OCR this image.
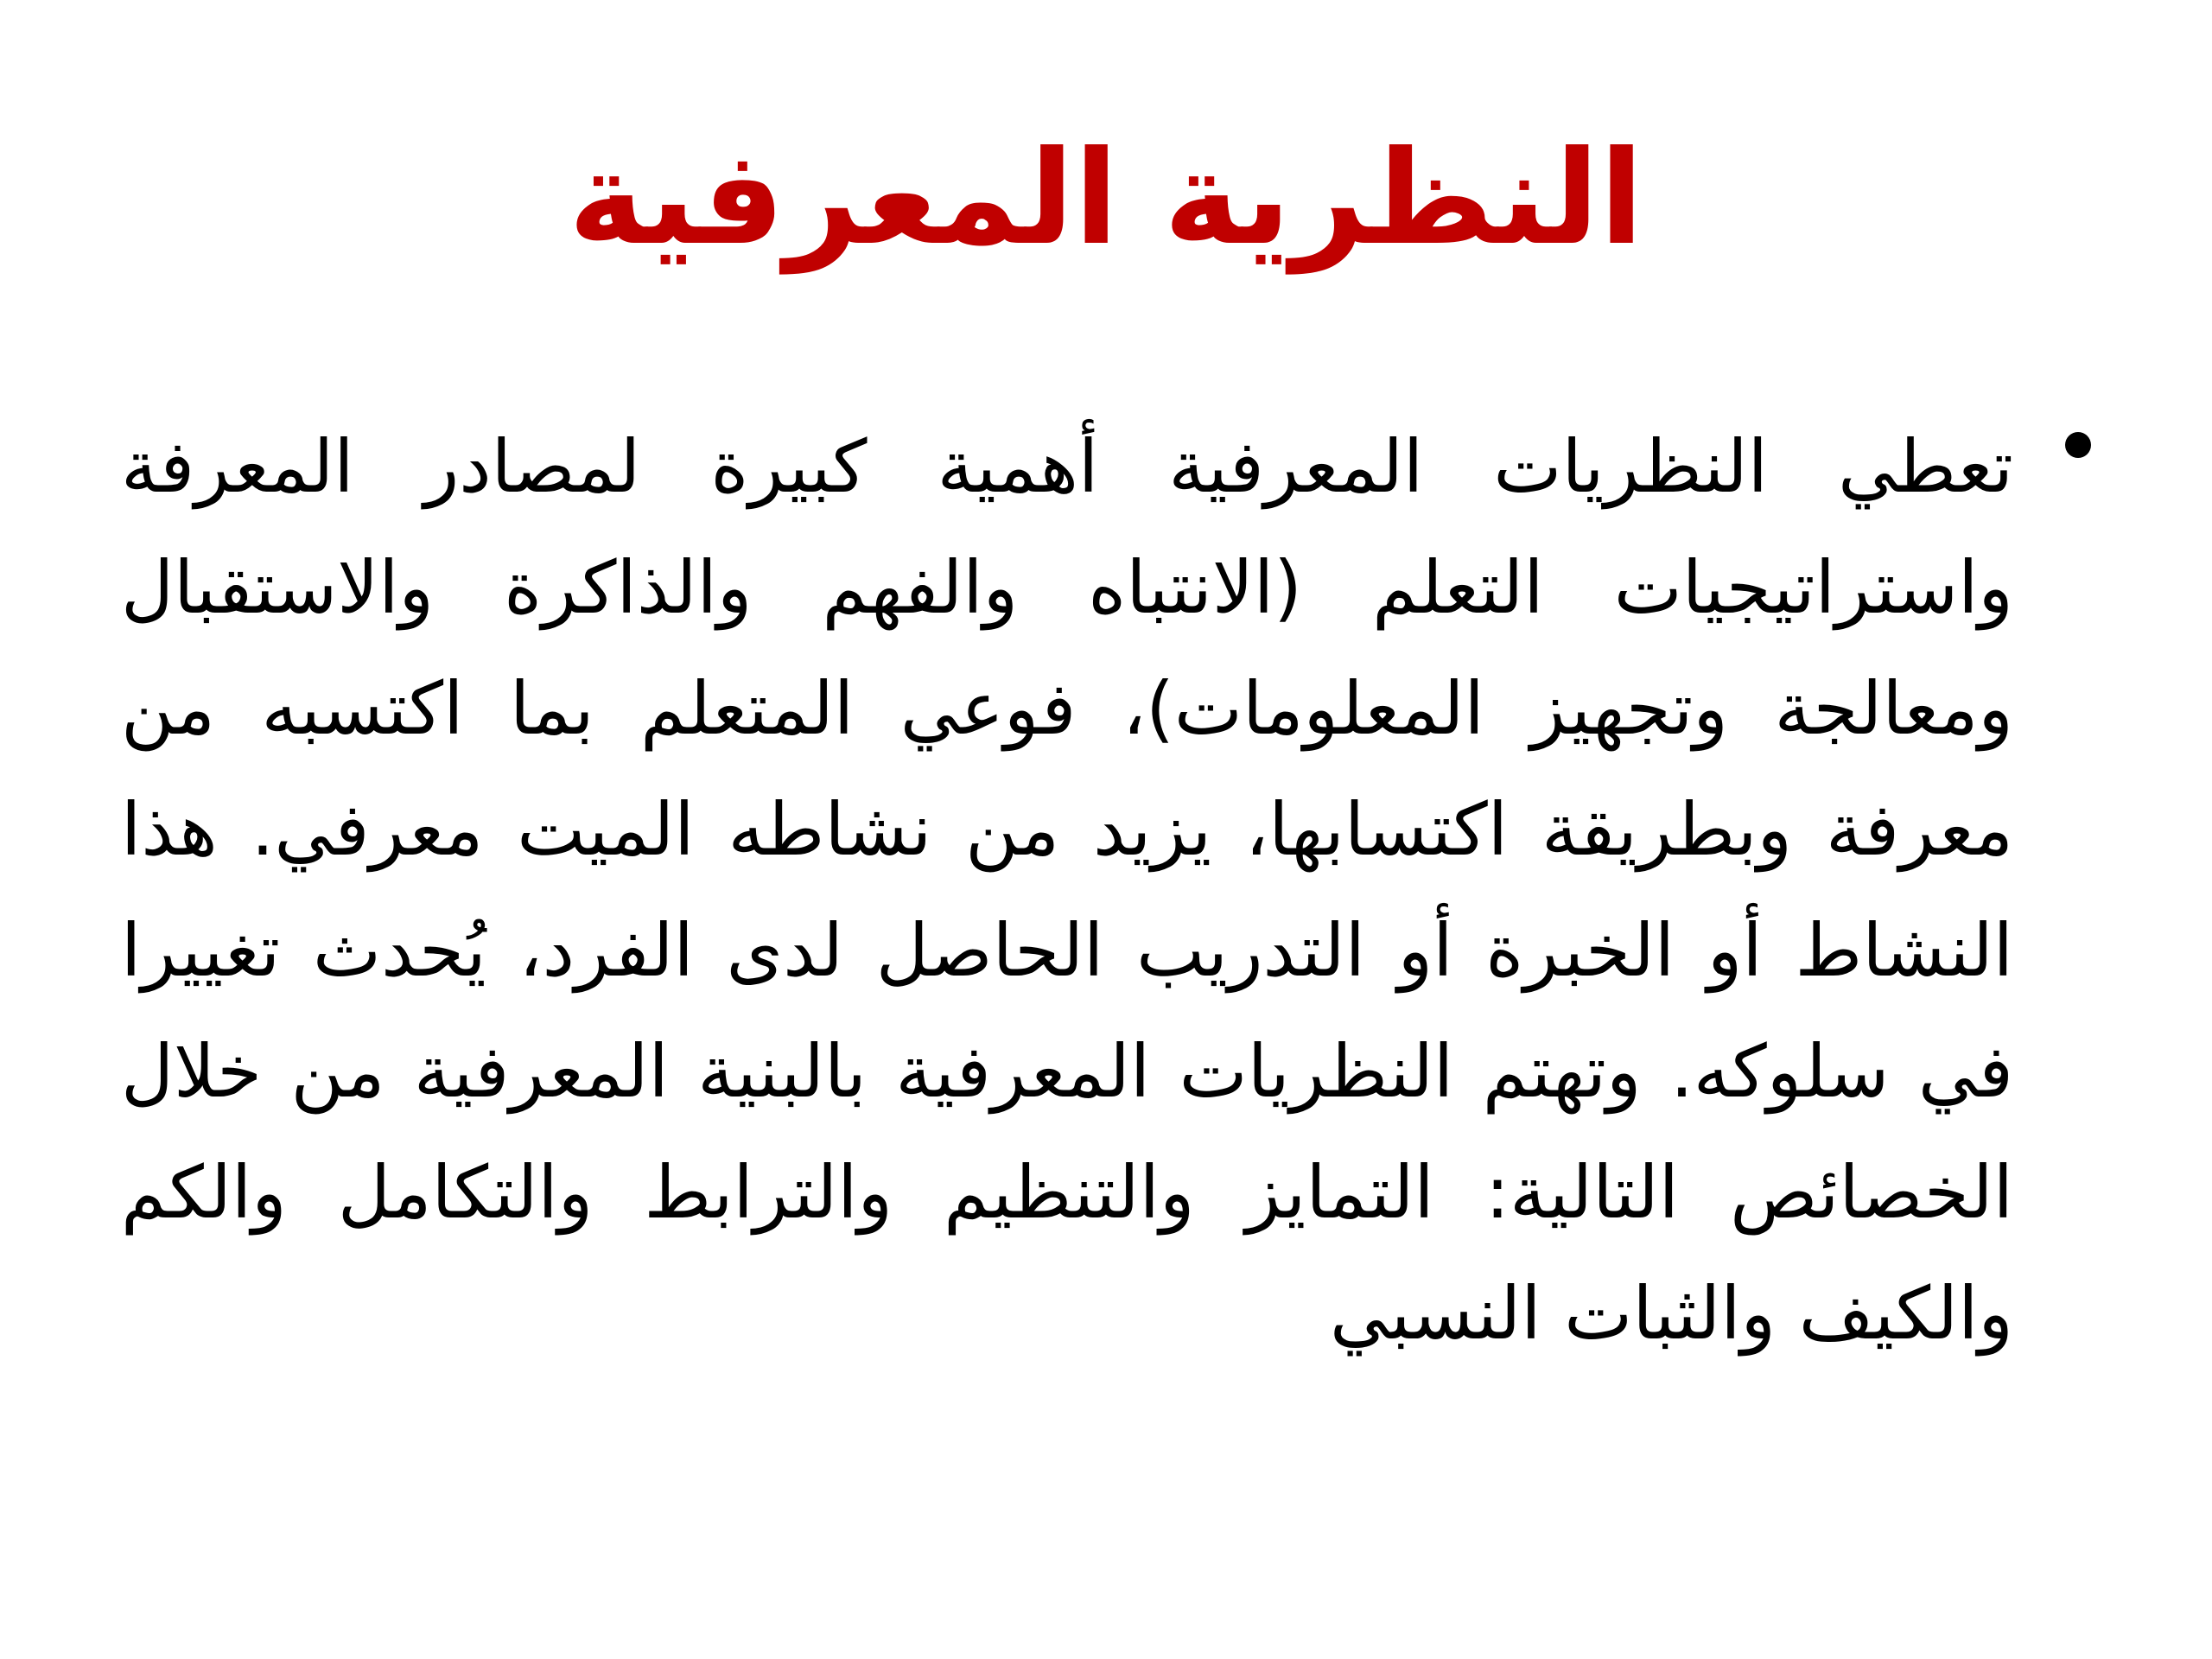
النظرية المعرفية

تعطي النظريات المعرفية أهمية كبيرة لمصادر المعرفة واستراتيجيات التعلم (الانتباه والفهم والذاكرة والاستقبال ومعالجة وتجهيز المعلومات)، فوعي المتعلم بما اكتسبه من معرفة وبطريقة اكتسابها، يزيد من نشاطه الميت معرفي. هذا النشاط أو الخبرة أو التدريب الحاصل لدى الفرد، يُحدث تغييرا في سلوكه. وتهتم النظريات المعرفية بالبنية المعرفية من خلال الخصائص التالية: التمايز والتنظيم والترابط والتكامل والكم والكيف والثبات النسبي
